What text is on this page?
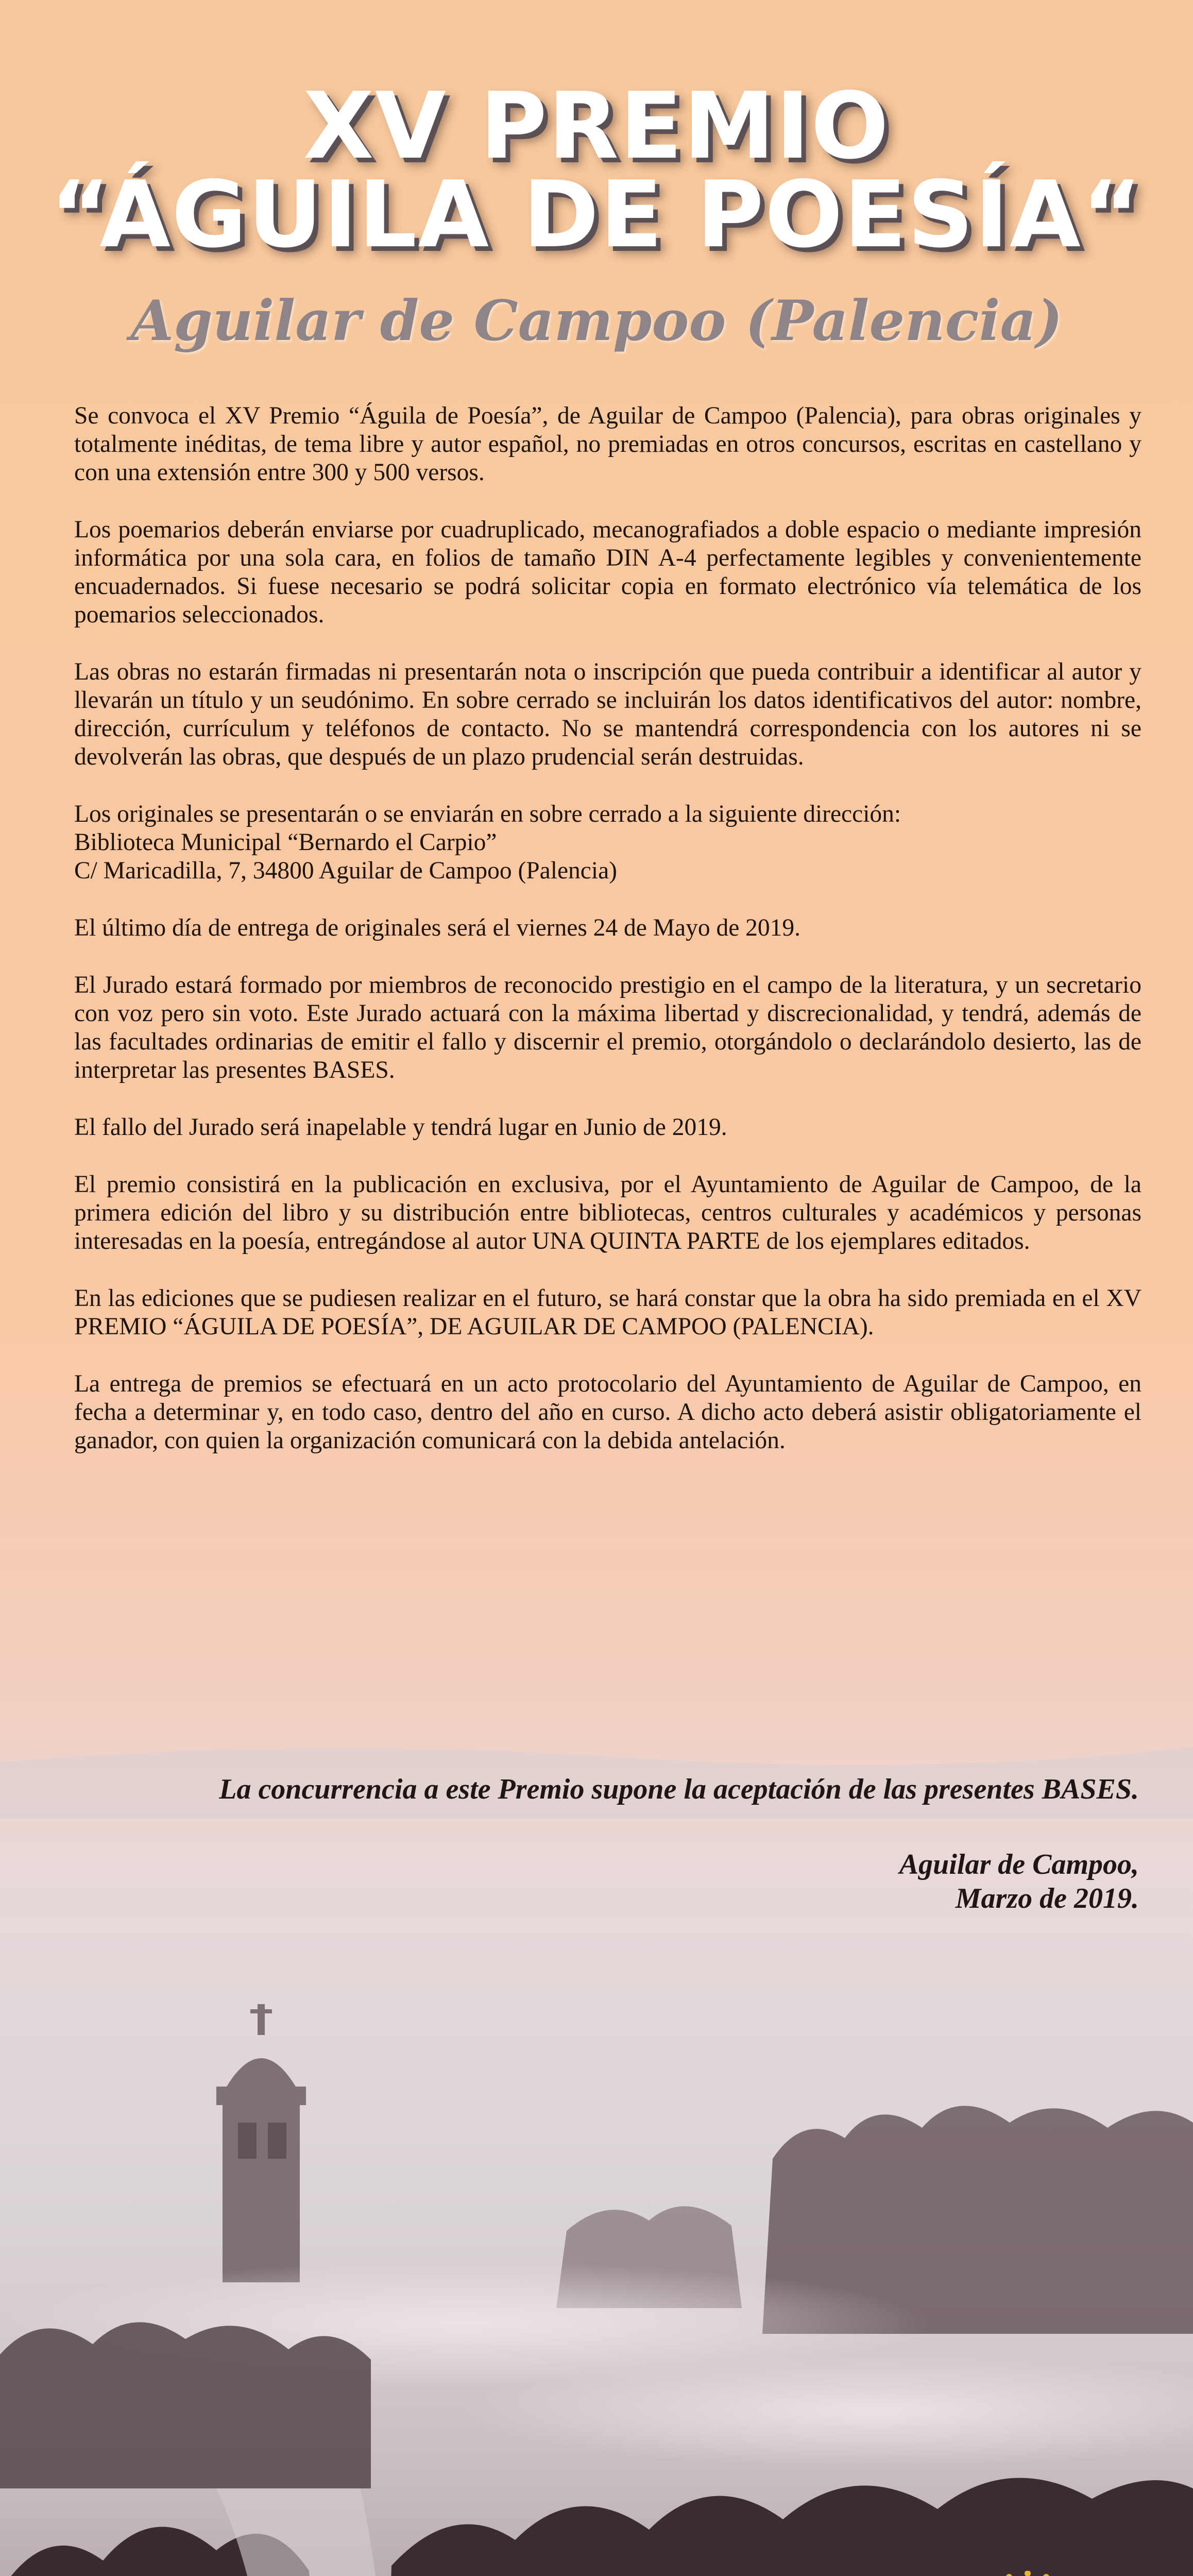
XV PREMIO
“ÁGUILA DE POESÍA“
Aguilar de Campoo (Palencia)

Se convoca el XV Premio “Águila de Poesía”, de Aguilar de Campoo (Palencia), para obras originales y totalmente inéditas, de tema libre y autor español, no premiadas en otros concursos, escritas en castellano y con una extensión entre 300 y 500 versos.

Los poemarios deberán enviarse por cuadruplicado, mecanografiados a doble espacio o mediante impresión informática por una sola cara, en folios de tamaño DIN A-4 perfectamente legibles y convenientemente encuadernados. Si fuese necesario se podrá solicitar copia en formato electrónico vía telemática de los poemarios seleccionados.

Las obras no estarán firmadas ni presentarán nota o inscripción que pueda contribuir a identificar al autor y llevarán un título y un seudónimo. En sobre cerrado se incluirán los datos identificativos del autor: nombre, dirección, currículum y teléfonos de contacto. No se mantendrá correspondencia con los autores ni se devolverán las obras, que después de un plazo prudencial serán destruidas.

Los originales se presentarán o se enviarán en sobre cerrado a la siguiente dirección:
Biblioteca Municipal “Bernardo el Carpio”
C/ Maricadilla, 7, 34800 Aguilar de Campoo (Palencia)

El último día de entrega de originales será el viernes 24 de Mayo de 2019.

El Jurado estará formado por miembros de reconocido prestigio en el campo de la literatura, y un secretario con voz pero sin voto. Este Jurado actuará con la máxima libertad y discrecionalidad, y tendrá, además de las facultades ordinarias de emitir el fallo y discernir el premio, otorgándolo o declarándolo desierto, las de interpretar las presentes BASES.

El fallo del Jurado será inapelable y tendrá lugar en Junio de 2019.

El premio consistirá en la publicación en exclusiva, por el Ayuntamiento de Aguilar de Campoo, de la primera edición del libro y su distribución entre bibliotecas, centros culturales y académicos y personas interesadas en la poesía, entregándose al autor UNA QUINTA PARTE de los ejemplares editados.

En las ediciones que se pudiesen realizar en el futuro, se hará constar que la obra ha sido premiada en el XV PREMIO “ÁGUILA DE POESÍA”, DE AGUILAR DE CAMPOO (PALENCIA).

La entrega de premios se efectuará en un acto protocolario del Ayuntamiento de Aguilar de Campoo, en fecha a determinar y, en todo caso, dentro del año en curso. A dicho acto deberá asistir obligatoriamente el ganador, con quien la organización comunicará con la debida antelación.

La concurrencia a este Premio supone la aceptación de las presentes BASES.

Aguilar de Campoo,

Marzo de 2019.
